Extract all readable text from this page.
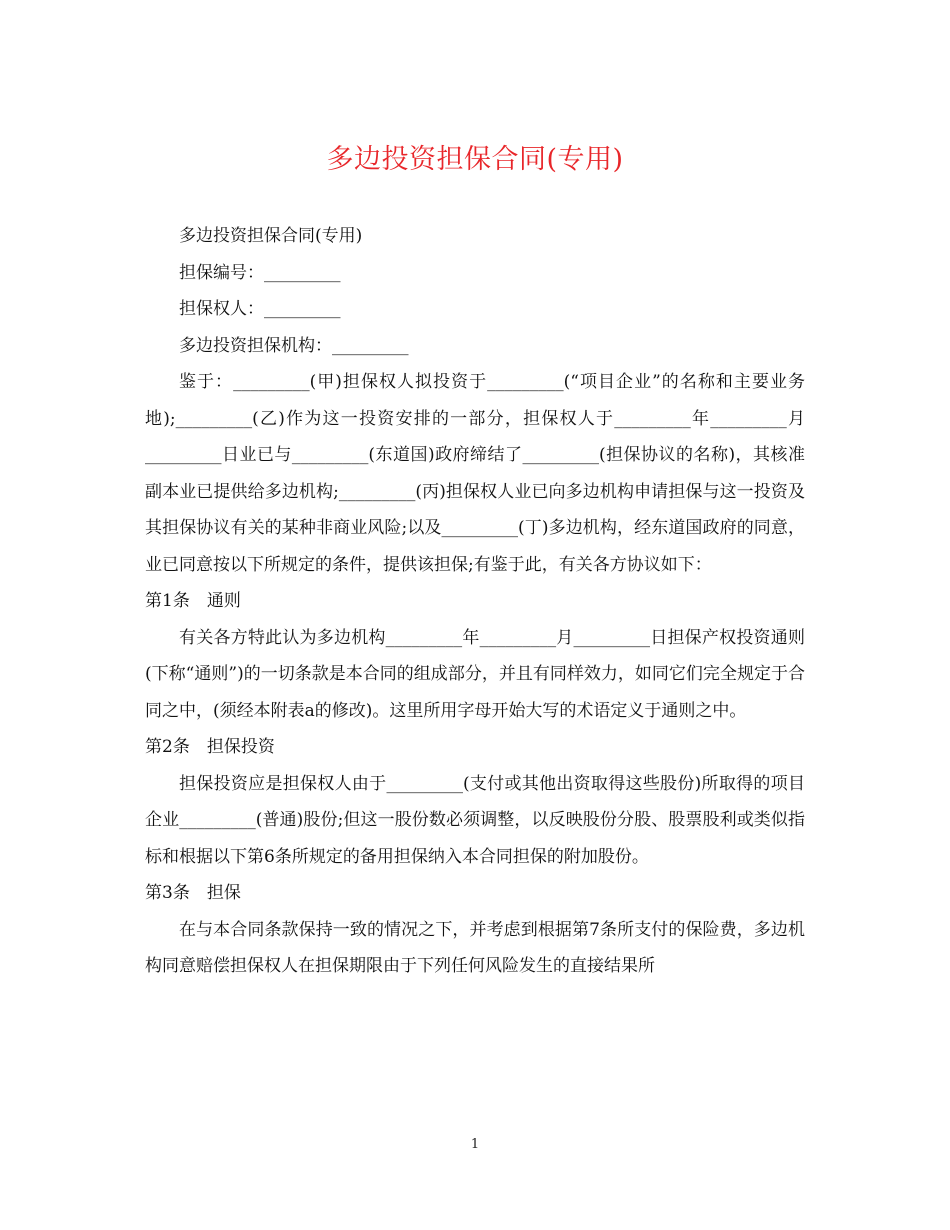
多边投资担保合同(专用)

多边投资担保合同(专用)

担保编号：_________

担保权人：_________

多边投资担保机构：_________

鉴于：_________(甲)担保权人拟投资于_________(“项目企业”的名称和主要业务地);_________(乙)作为这一投资安排的一部分，担保权人于_________年_________月_________日业已与_________(东道国)政府缔结了_________(担保协议的名称)，其核准副本业已提供给多边机构;_________(丙)担保权人业已向多边机构申请担保与这一投资及其担保协议有关的某种非商业风险;以及_________(丁)多边机构，经东道国政府的同意，业已同意按以下所规定的条件，提供该担保;有鉴于此，有关各方协议如下：

第1条　通则

有关各方特此认为多边机构_________年_________月_________日担保产权投资通则(下称“通则”)的一切条款是本合同的组成部分，并且有同样效力，如同它们完全规定于合同之中，(须经本附表a的修改)。这里所用字母开始大写的术语定义于通则之中。

第2条　担保投资

担保投资应是担保权人由于_________(支付或其他出资取得这些股份)所取得的项目企业_________(普通)股份;但这一股份数必须调整，以反映股份分股、股票股利或类似指标和根据以下第6条所规定的备用担保纳入本合同担保的附加股份。

第3条　担保

在与本合同条款保持一致的情况之下，并考虑到根据第7条所支付的保险费，多边机构同意赔偿担保权人在担保期限由于下列任何风险发生的直接结果所

1
